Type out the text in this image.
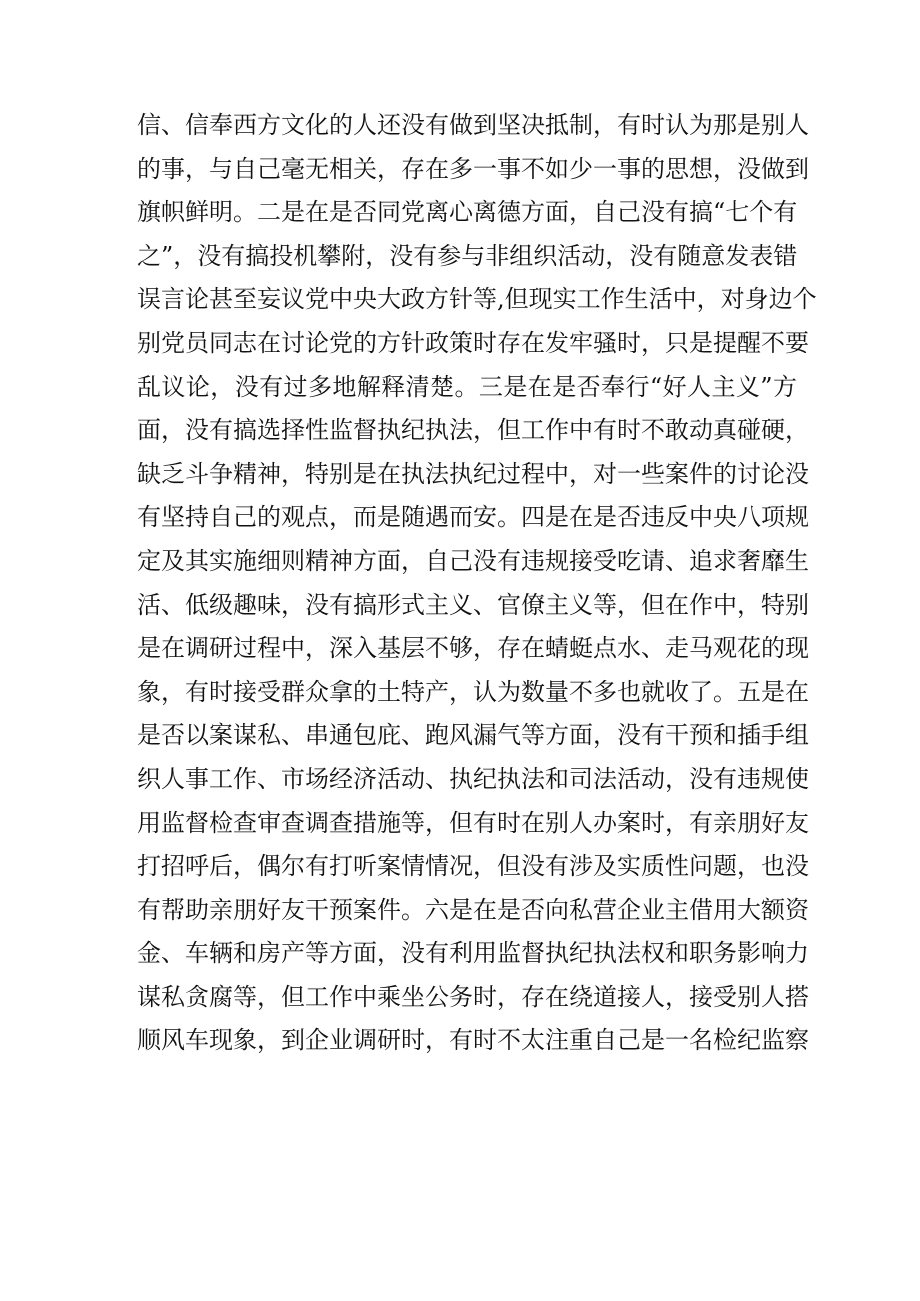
信、信奉西方文化的人还没有做到坚决抵制，有时认为那是别人
的事，与自己毫无相关，存在多一事不如少一事的思想，没做到
旗帜鲜明。二是在是否同党离心离德方面，自己没有搞“七个有
之”，没有搞投机攀附，没有参与非组织活动，没有随意发表错
误言论甚至妄议党中央大政方针等,但现实工作生活中，对身边个
别党员同志在讨论党的方针政策时存在发牢骚时，只是提醒不要
乱议论，没有过多地解释清楚。三是在是否奉行“好人主义”方
面，没有搞选择性监督执纪执法，但工作中有时不敢动真碰硬，
缺乏斗争精神，特别是在执法执纪过程中，对一些案件的讨论没
有坚持自己的观点，而是随遇而安。四是在是否违反中央八项规
定及其实施细则精神方面，自己没有违规接受吃请、追求奢靡生
活、低级趣味，没有搞形式主义、官僚主义等，但在作中，特别
是在调研过程中，深入基层不够，存在蜻蜓点水、走马观花的现
象，有时接受群众拿的土特产，认为数量不多也就收了。五是在
是否以案谋私、串通包庇、跑风漏气等方面，没有干预和插手组
织人事工作、市场经济活动、执纪执法和司法活动，没有违规使
用监督检查审查调查措施等，但有时在别人办案时，有亲朋好友
打招呼后，偶尔有打听案情情况，但没有涉及实质性问题，也没
有帮助亲朋好友干预案件。六是在是否向私营企业主借用大额资
金、车辆和房产等方面，没有利用监督执纪执法权和职务影响力
谋私贪腐等，但工作中乘坐公务时，存在绕道接人，接受别人搭
顺风车现象，到企业调研时，有时不太注重自己是一名检纪监察
